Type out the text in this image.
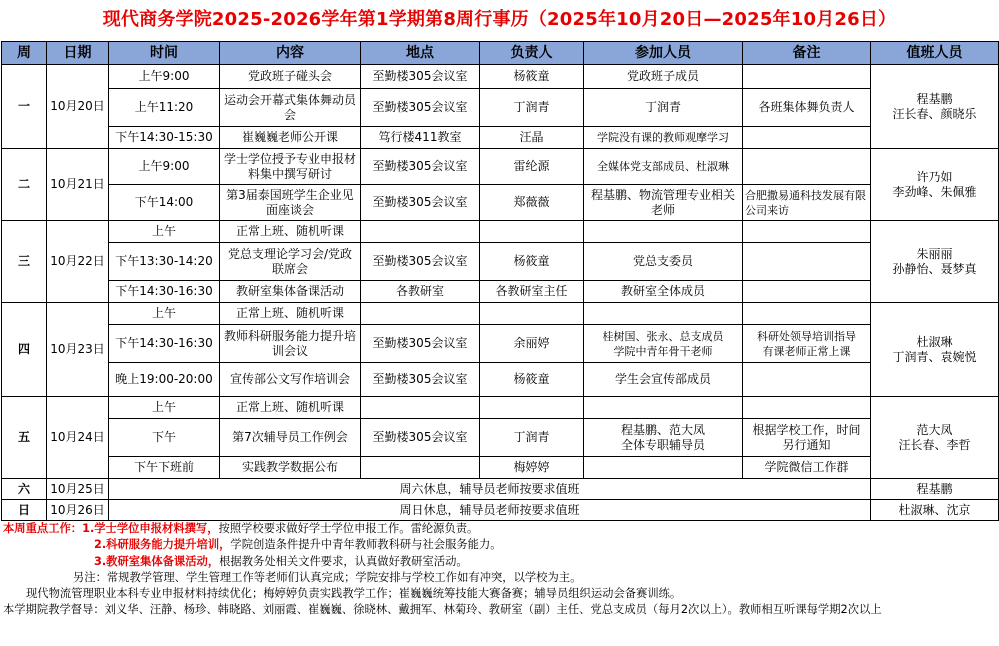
现代商务学院2025-2026学年第1学期第8周行事历（2025年10月20日—2025年10月26日）
周	日期	时间	内容	地点	负责人	参加人员	备注	值班人员
一	10月20日	上午9:00	党政班子碰头会	至勤楼305会议室	杨筱童	党政班子成员		程基鹏
汪长春、颜晓乐
		上午11:20	运动会开幕式集体舞动员会	至勤楼305会议室	丁润青	丁润青	各班集体舞负责人	
		下午14:30-15:30	崔巍巍老师公开课	笃行楼411教室	汪晶	学院没有课的教师观摩学习		
二	10月21日	上午9:00	学士学位授予专业申报材料集中撰写研讨	至勤楼305会议室	雷纶源	全媒体党支部成员、杜淑琳		许乃如
李劲峰、朱佩雅
		下午14:00	第3届泰国班学生企业见面座谈会	至勤楼305会议室	郑薇薇	程基鹏、物流管理专业相关老师	合肥撒易通科技发展有限公司来访	
三	10月22日	上午	正常上班、随机听课					朱丽丽
孙静怡、聂梦真
		下午13:30-14:20	党总支理论学习会/党政联席会	至勤楼305会议室	杨筱童	党总支委员		
		下午14:30-16:30	教研室集体备课活动	各教研室	各教研室主任	教研室全体成员		
四	10月23日	上午	正常上班、随机听课					杜淑琳
丁润青、袁婉悦
		下午14:30-16:30	教师科研服务能力提升培训会议	至勤楼305会议室	余丽婷	桂树国、张永、总支成员
学院中青年骨干老师	科研处领导培训指导
有课老师正常上课	
		晚上19:00-20:00	宣传部公文写作培训会	至勤楼305会议室	杨筱童	学生会宣传部成员		
五	10月24日	上午	正常上班、随机听课					范大凤
汪长春、李哲
		下午	第7次辅导员工作例会	至勤楼305会议室	丁润青	程基鹏、范大凤
全体专职辅导员	根据学校工作，时间
另行通知	
		下午下班前	实践教学数据公布		梅婷婷		学院微信工作群	
六	10月25日	周六休息，辅导员老师按要求值班						程基鹏
日	10月26日	周日休息，辅导员老师按要求值班						杜淑琳、沈京
本周重点工作：1.学士学位申报材料撰写，按照学校要求做好学士学位申报工作。雷纶源负责。
2.科研服务能力提升培训，学院创造条件提升中青年教师教科研与社会服务能力。
3.教研室集体备课活动，根据教务处相关文件要求，认真做好教研室活动。
另注：常规教学管理、学生管理工作等老师们认真完成；学院安排与学校工作如有冲突，以学校为主。
现代物流管理职业本科专业申报材料持续优化；梅婷婷负责实践教学工作；崔巍巍统筹技能大赛备赛；辅导员组织运动会备赛训练。
本学期院教学督导：刘义华、汪静、杨珍、韩晓路、刘丽霞、崔巍巍、徐晓林、戴拥军、林菊玲、教研室（副）主任、党总支成员（每月2次以上）。教师相互听课每学期2次以上
